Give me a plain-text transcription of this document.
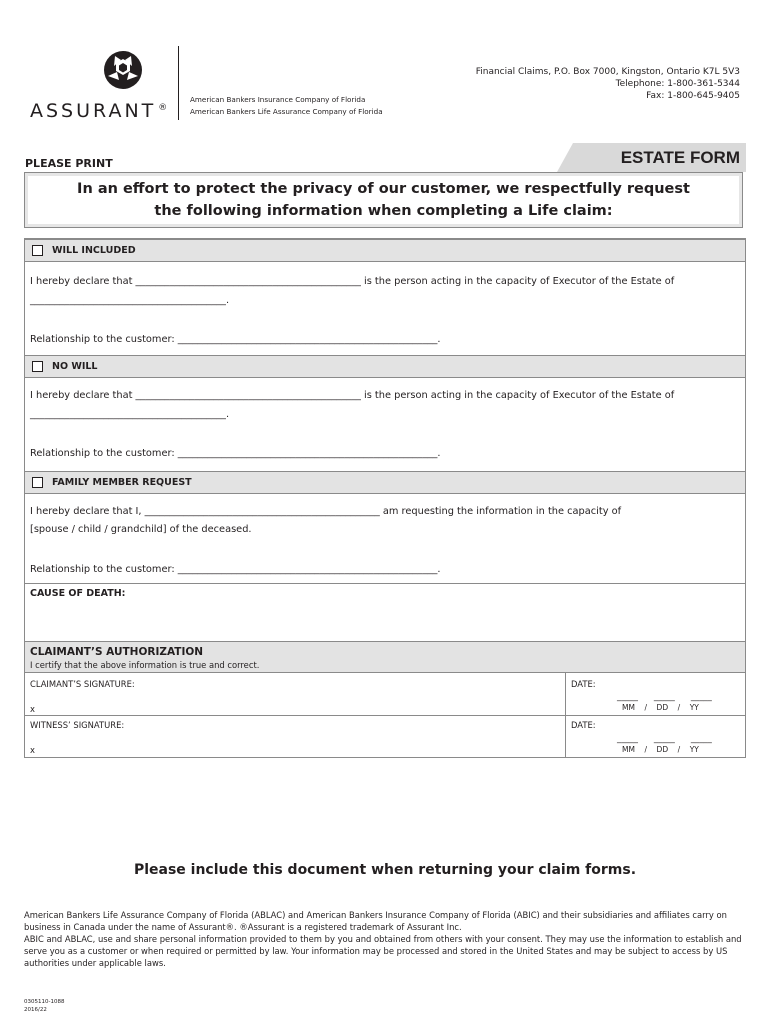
ASSURANT ®
American Bankers Insurance Company of Florida
American Bankers Life Assurance Company of Florida
Financial Claims, P.O. Box 7000, Kingston, Ontario K7L 5V3
Telephone: 1-800-361-5344
Fax: 1-800-645-9405
PLEASE PRINT	ESTATE FORM
In an effort to protect the privacy of our customer, we respectfully request
the following information when completing a Life claim:
WILL INCLUDED
I hereby declare that ______________________________________________ is the person acting in the capacity of Executor of the Estate of
________________________________________.
Relationship to the customer: _____________________________________________________.
NO WILL
I hereby declare that ______________________________________________ is the person acting in the capacity of Executor of the Estate of
________________________________________.
Relationship to the customer: _____________________________________________________.
FAMILY MEMBER REQUEST
I hereby declare that I, ________________________________________________ am requesting the information in the capacity of
[spouse / child / grandchild] of the deceased.
Relationship to the customer: _____________________________________________________.
CAUSE OF DEATH:
CLAIMANT’S AUTHORIZATION
I certify that the above information is true and correct.
CLAIMANT’S SIGNATURE:
x
DATE:
_____      _____      _____
MM    /    DD    /    YY
WITNESS’ SIGNATURE:
x
DATE:
_____      _____      _____
MM    /    DD    /    YY
Please include this document when returning your claim forms.
American Bankers Life Assurance Company of Florida (ABLAC) and American Bankers Insurance Company of Florida (ABIC) and their subsidiaries and affiliates carry on business in Canada under the name of Assurant®. ®Assurant is a registered trademark of Assurant Inc.
ABIC and ABLAC, use and share personal information provided to them by you and obtained from others with your consent. They may use the information to establish and serve you as a customer or when required or permitted by law. Your information may be processed and stored in the United States and may be subject to access by US authorities under applicable laws.
0305110-1088
2016/22
